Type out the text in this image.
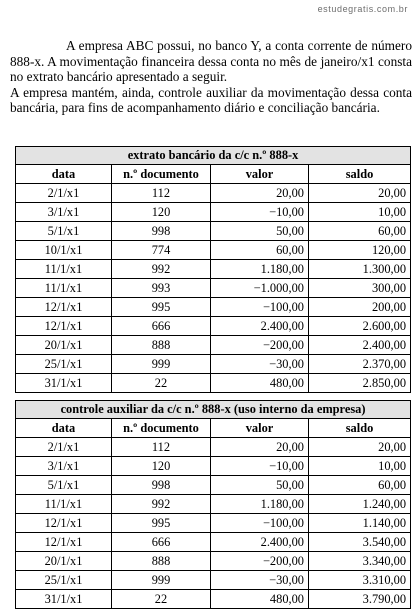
estudegratis.com.br

A empresa ABC possui, no banco Y, a conta corrente de número 888-x. A movimentação financeira dessa conta no mês de janeiro/x1 consta no extrato bancário apresentado a seguir.

A empresa mantém, ainda, controle auxiliar da movimentação dessa conta bancária, para fins de acompanhamento diário e conciliação bancária.

extrato bancário da c/c n.º 888-x			
data	n.º documento	valor	saldo
2/1/x1	112	20,00	20,00
3/1/x1	120	−10,00	10,00
5/1/x1	998	50,00	60,00
10/1/x1	774	60,00	120,00
11/1/x1	992	1.180,00	1.300,00
11/1/x1	993	−1.000,00	300,00
12/1/x1	995	−100,00	200,00
12/1/x1	666	2.400,00	2.600,00
20/1/x1	888	−200,00	2.400,00
25/1/x1	999	−30,00	2.370,00
31/1/x1	22	480,00	2.850,00
controle auxiliar da c/c n.º 888-x (uso interno da empresa)			
data	n.º documento	valor	saldo
2/1/x1	112	20,00	20,00
3/1/x1	120	−10,00	10,00
5/1/x1	998	50,00	60,00
11/1/x1	992	1.180,00	1.240,00
12/1/x1	995	−100,00	1.140,00
12/1/x1	666	2.400,00	3.540,00
20/1/x1	888	−200,00	3.340,00
25/1/x1	999	−30,00	3.310,00
31/1/x1	22	480,00	3.790,00
